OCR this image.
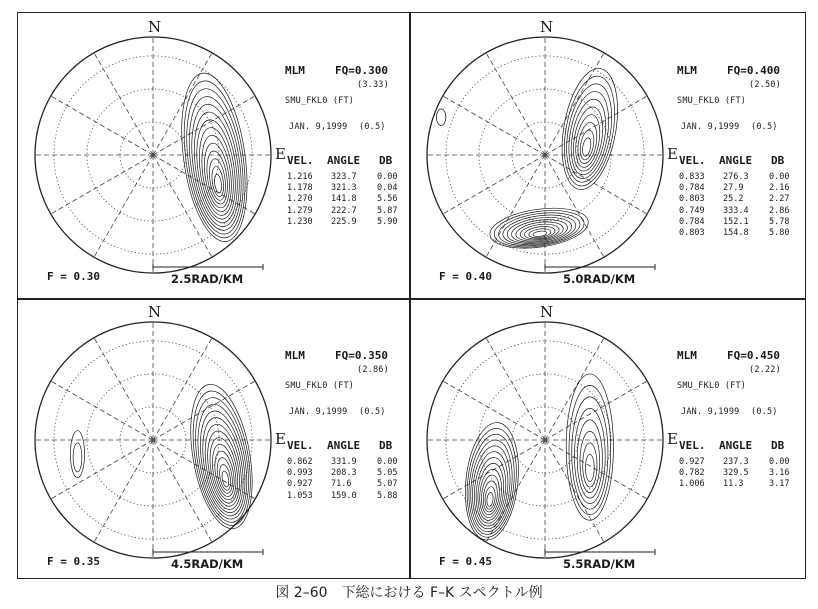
N
E
MLM	FQ=0.300
(3.33)
SMU_FKL0 (FT)
JAN. 9,1999 (0.5)
VEL. ANGLE DB
1.216 323.7 0.00
1.178 321.3 0.04
1.270 141.8 5.56
1.279 222.7 5.87
1.230 225.9 5.90
F = 0.30	2.5RAD/KM
N
E
MLM	FQ=0.400
(2.50)
SMU_FKL0 (FT)
JAN. 9,1999 (0.5)
VEL. ANGLE DB
0.833 276.3 0.00
0.784 27.9	2.16
0.803 25.2	2.27
0.749 333.4 2.86
0.784 152.1 5.78
0.803 154.8 5.80
F = 0.40	5.0RAD/KM
N
E
MLM	FQ=0.350
(2.86)
SMU_FKL0 (FT)
JAN. 9,1999 (0.5)
VEL. ANGLE DB
0.862 331.9 0.00
0.993 208.3 5.05
0.927 71.6	5.07
1.053 159.0 5.88
F = 0.35	4.5RAD/KM
N
E
MLM	FQ=0.450
(2.22)
SMU_FKL0 (FT)
JAN. 9,1999 (0.5)
VEL. ANGLE DB
0.927 237.3 0.00
0.782 329.5 3.16
1.006 11.3	3.17
F = 0.45	5.5RAD/KM
図 2–60　下総における F–K スペクトル例
